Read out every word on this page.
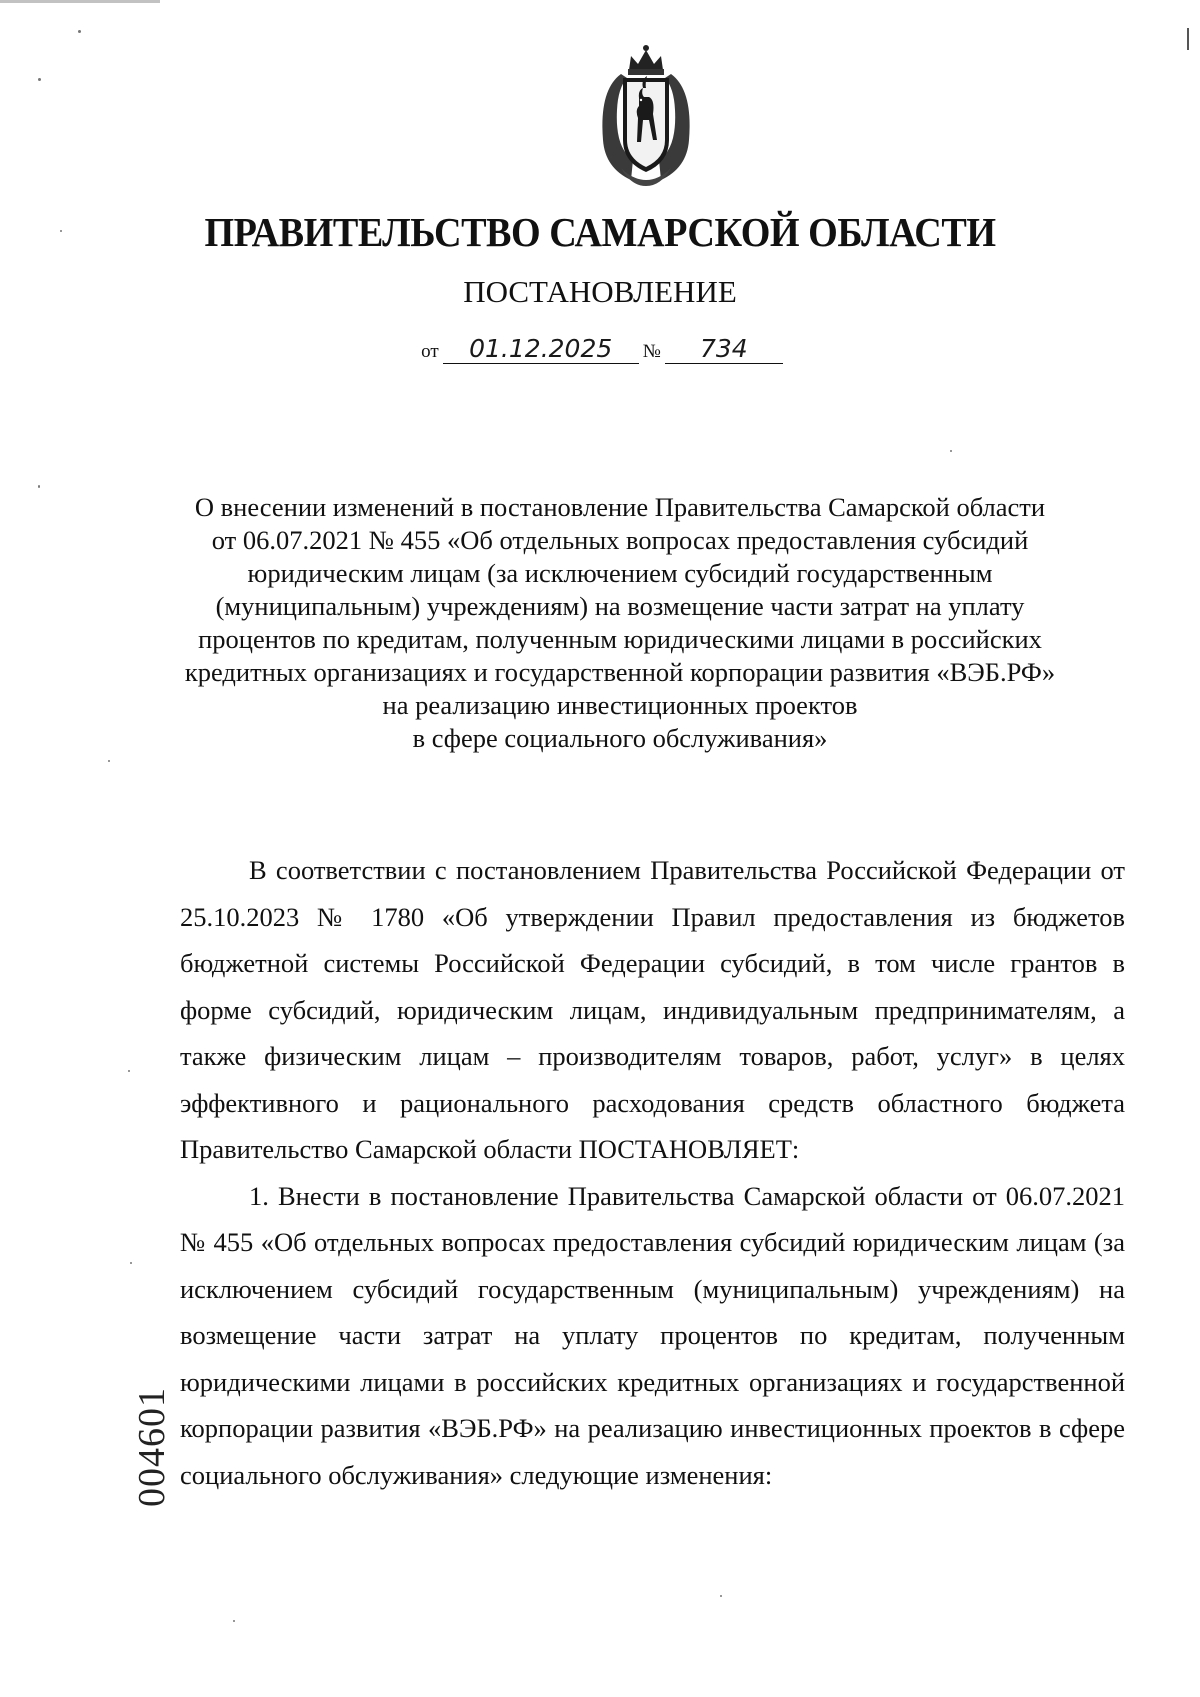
ПРАВИТЕЛЬСТВО САМАРСКОЙ ОБЛАСТИ
ПОСТАНОВЛЕНИЕ
от 01.12.2025 № 734
О внесении изменений в постановление Правительства Самарской области
от 06.07.2021 № 455 «Об отдельных вопросах предоставления субсидий
юридическим лицам (за исключением субсидий государственным
(муниципальным) учреждениям) на возмещение части затрат на уплату
процентов по кредитам, полученным юридическими лицами в российских
кредитных организациях и государственной корпорации развития «ВЭБ.РФ»
на реализацию инвестиционных проектов
в сфере социального обслуживания»

В соответствии с постановлением Правительства Российской Федерации от 25.10.2023 № 1780 «Об утверждении Правил предоставления из бюджетов бюджетной системы Российской Федерации субсидий, в том числе грантов в форме субсидий, юридическим лицам, индивидуальным предпринимателям, а также физическим лицам – производителям товаров, работ, услуг» в целях эффективного и рационального расходования средств областного бюджета Правительство Самарской области ПОСТАНОВЛЯЕТ:

1. Внести в постановление Правительства Самарской области от 06.07.2021 № 455 «Об отдельных вопросах предоставления субсидий юридическим лицам (за исключением субсидий государственным (муниципальным) учреждениям) на возмещение части затрат на уплату процентов по кредитам, полученным юридическими лицами в российских кредитных организациях и государственной корпорации развития «ВЭБ.РФ» на реализацию инвестиционных проектов в сфере социального обслуживания» следующие изменения:

004601
